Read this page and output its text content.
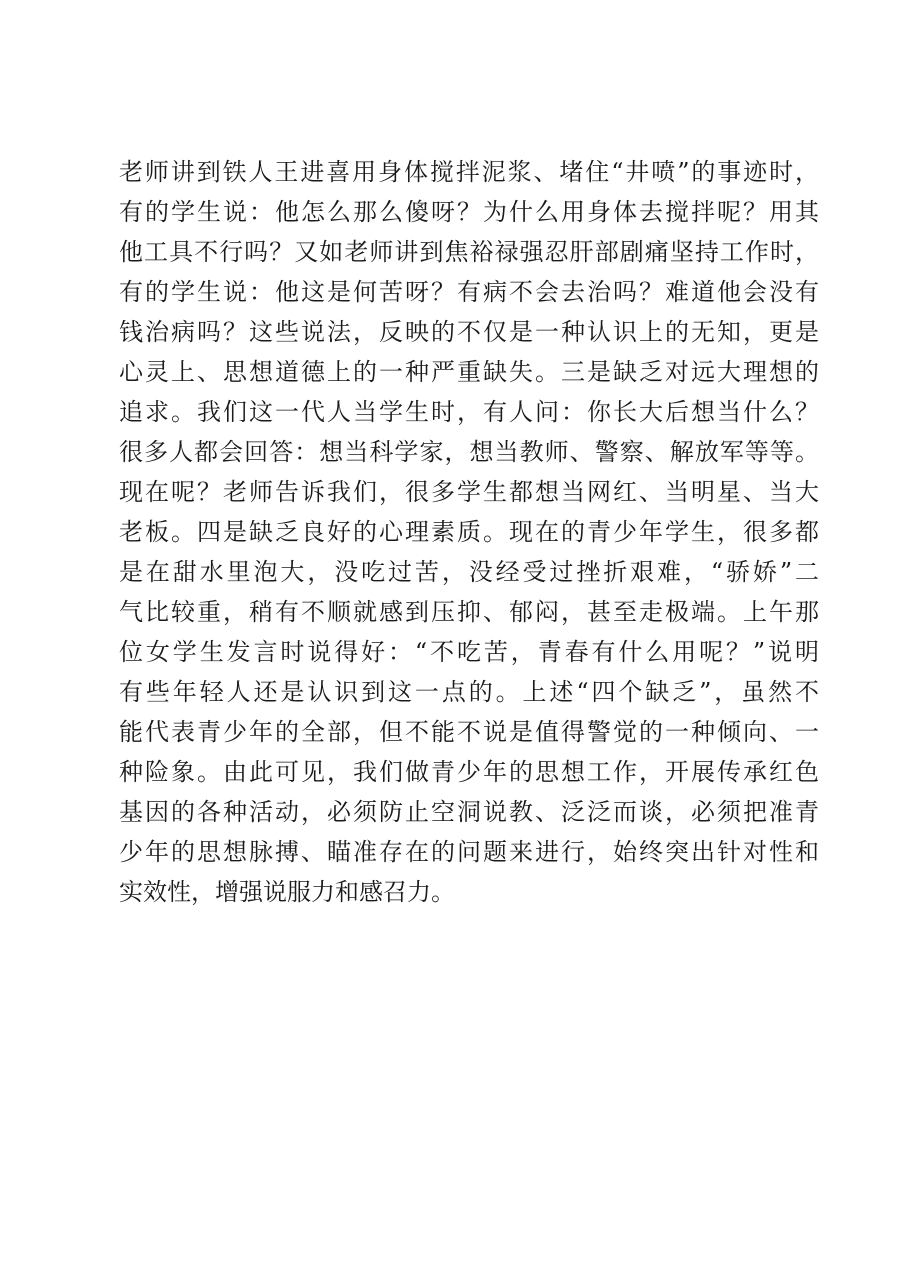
老师讲到铁人王进喜用身体搅拌泥浆、堵住“井喷”的事迹时，
有的学生说：他怎么那么傻呀？为什么用身体去搅拌呢？用其
他工具不行吗？又如老师讲到焦裕禄强忍肝部剧痛坚持工作时，
有的学生说：他这是何苦呀？有病不会去治吗？难道他会没有
钱治病吗？这些说法，反映的不仅是一种认识上的无知，更是
心灵上、思想道德上的一种严重缺失。三是缺乏对远大理想的
追求。我们这一代人当学生时，有人问：你长大后想当什么？
很多人都会回答：想当科学家，想当教师、警察、解放军等等。
现在呢？老师告诉我们，很多学生都想当网红、当明星、当大
老板。四是缺乏良好的心理素质。现在的青少年学生，很多都
是在甜水里泡大，没吃过苦，没经受过挫折艰难，“骄娇”二
气比较重，稍有不顺就感到压抑、郁闷，甚至走极端。上午那
位女学生发言时说得好：“不吃苦，青春有什么用呢？”说明
有些年轻人还是认识到这一点的。上述“四个缺乏”，虽然不
能代表青少年的全部，但不能不说是值得警觉的一种倾向、一
种险象。由此可见，我们做青少年的思想工作，开展传承红色
基因的各种活动，必须防止空洞说教、泛泛而谈，必须把准青
少年的思想脉搏、瞄准存在的问题来进行，始终突出针对性和
实效性，增强说服力和感召力。
